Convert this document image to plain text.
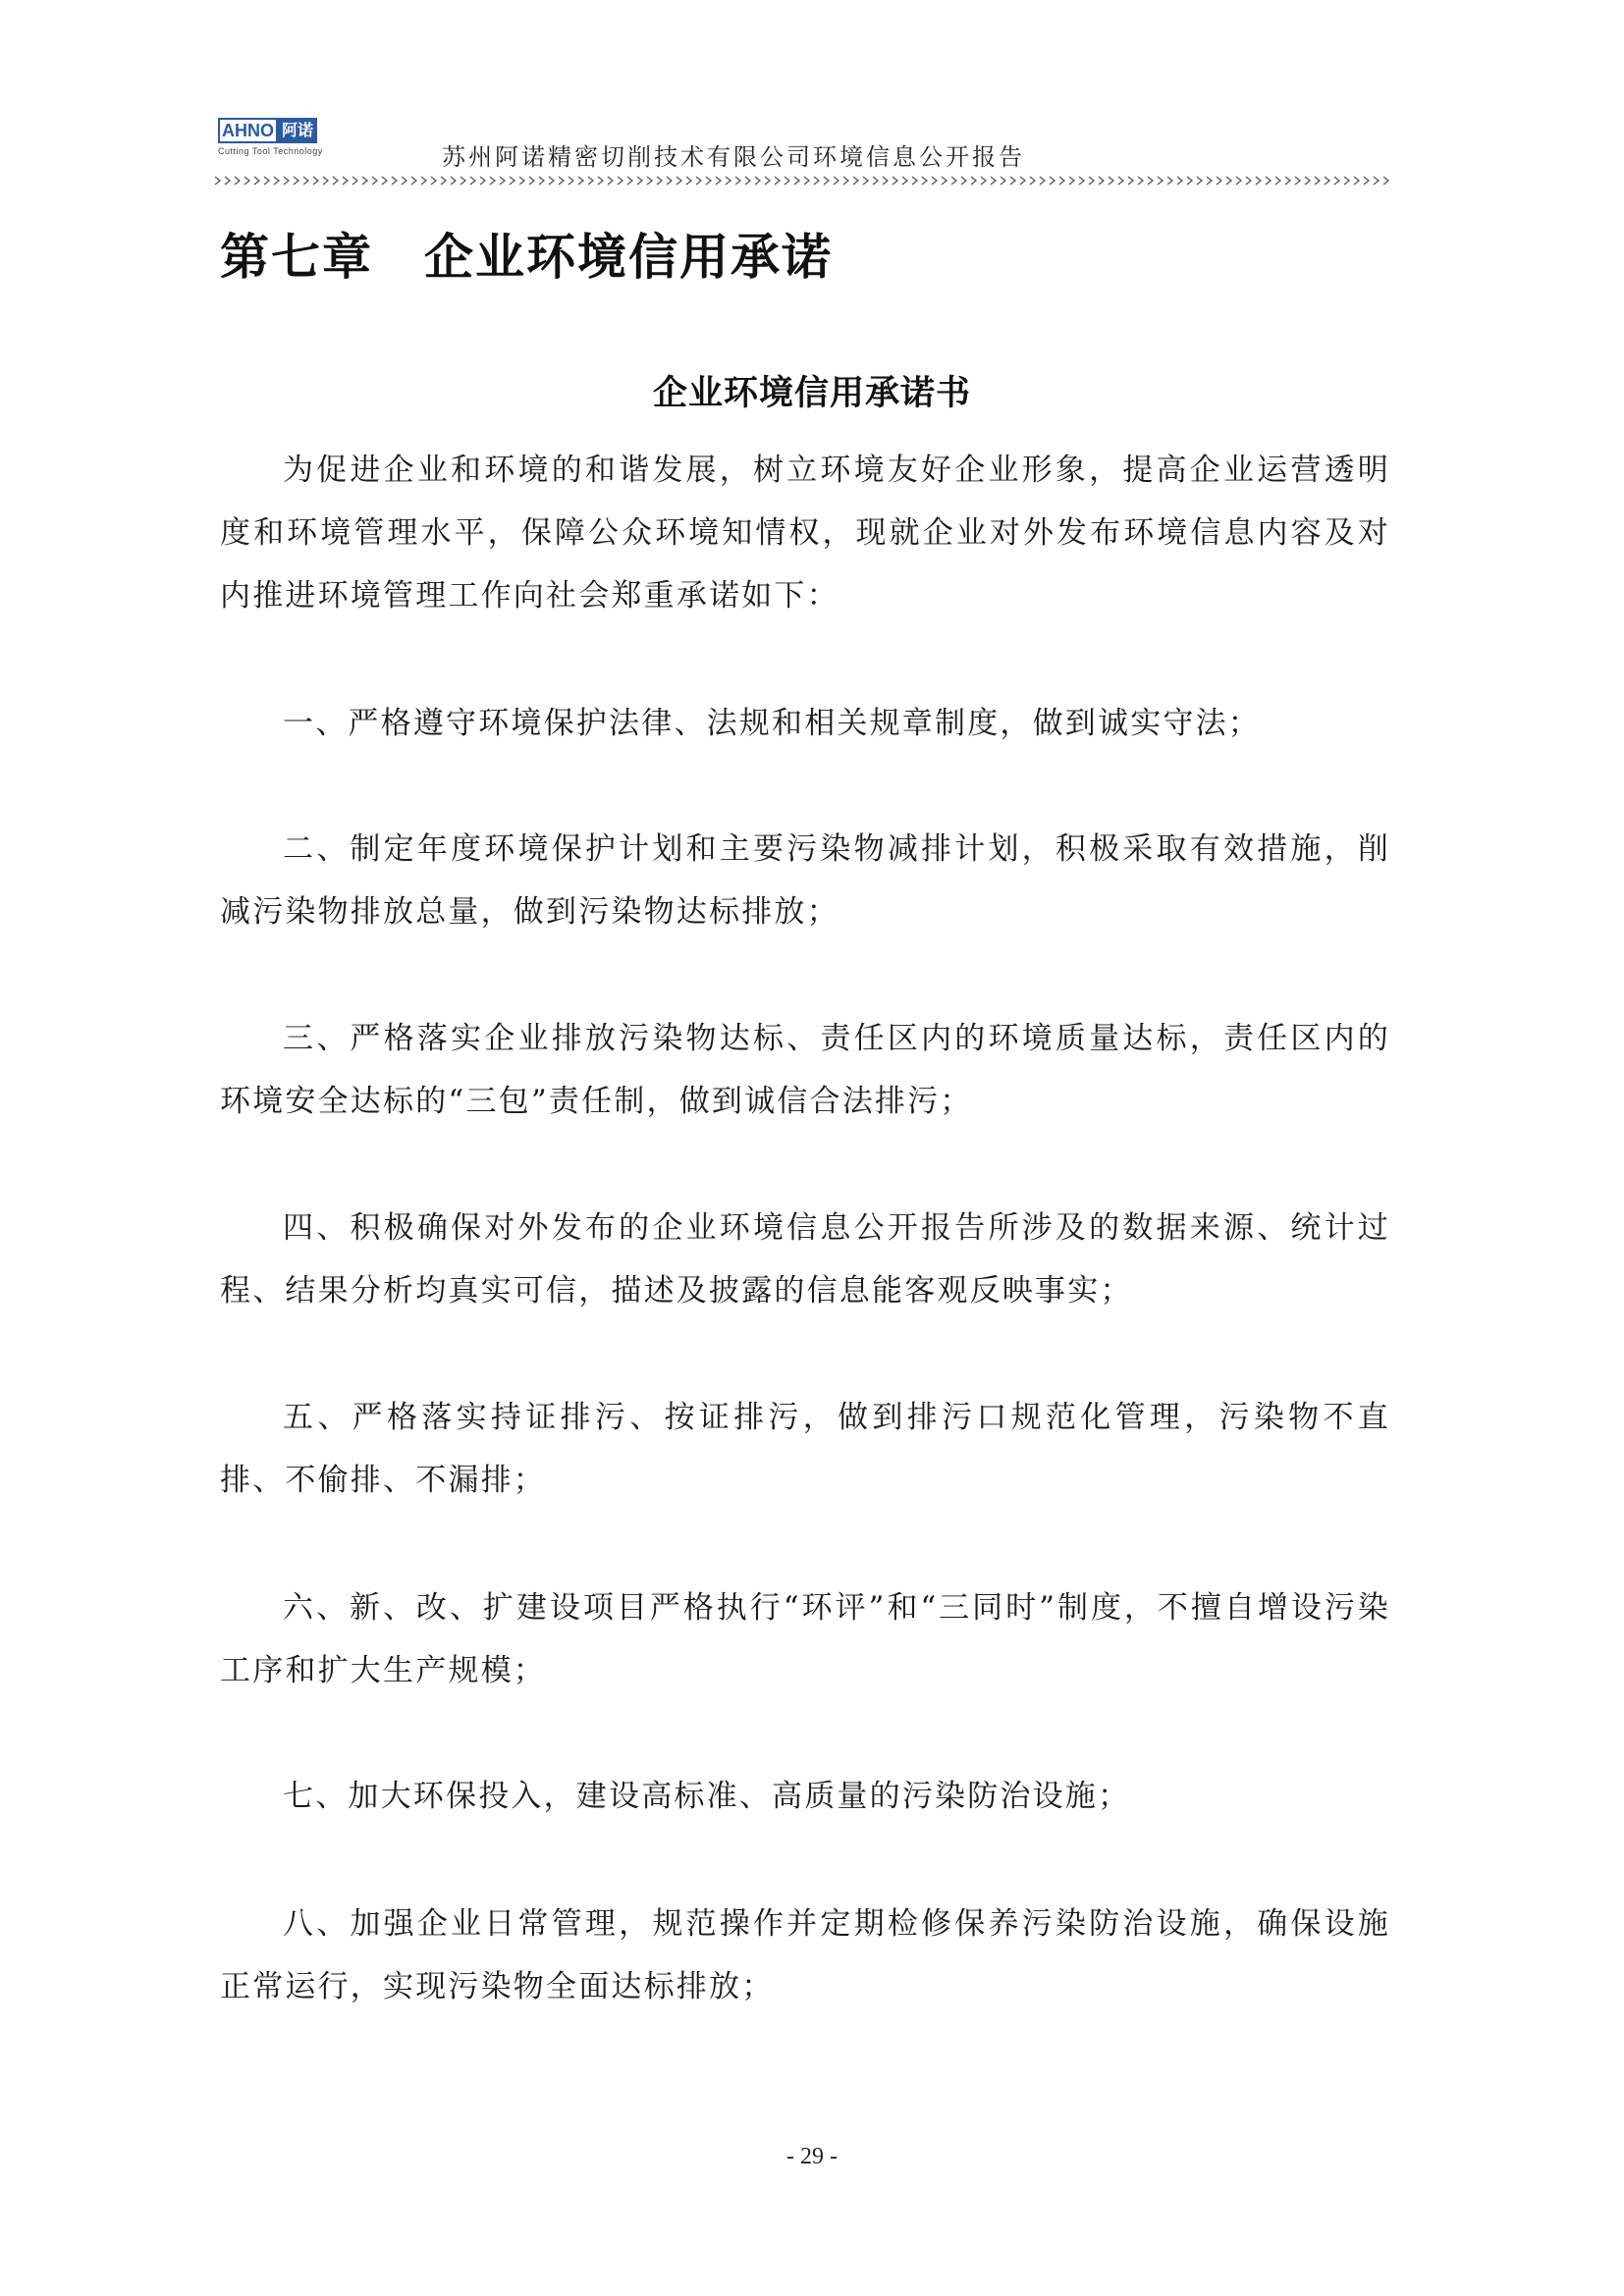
AHNO 阿诺
Cutting Tool Technology	苏州阿诺精密切削技术有限公司环境信息公开报告
第七章 企业环境信用承诺
企业环境信用承诺书

为促进企业和环境的和谐发展，树立环境友好企业形象，提高企业运营透明度和环境管理水平，保障公众环境知情权，现就企业对外发布环境信息内容及对内推进环境管理工作向社会郑重承诺如下：

一、严格遵守环境保护法律、法规和相关规章制度，做到诚实守法；

二、制定年度环境保护计划和主要污染物减排计划，积极采取有效措施，削减污染物排放总量，做到污染物达标排放；

三、严格落实企业排放污染物达标、责任区内的环境质量达标，责任区内的环境安全达标的“三包”责任制，做到诚信合法排污；

四、积极确保对外发布的企业环境信息公开报告所涉及的数据来源、统计过程、结果分析均真实可信，描述及披露的信息能客观反映事实；

五、严格落实持证排污、按证排污，做到排污口规范化管理，污染物不直排、不偷排、不漏排；

六、新、改、扩建设项目严格执行“环评”和“三同时”制度，不擅自增设污染工序和扩大生产规模；

七、加大环保投入，建设高标准、高质量的污染防治设施；

八、加强企业日常管理，规范操作并定期检修保养污染防治设施，确保设施正常运行，实现污染物全面达标排放；

- 29 -
